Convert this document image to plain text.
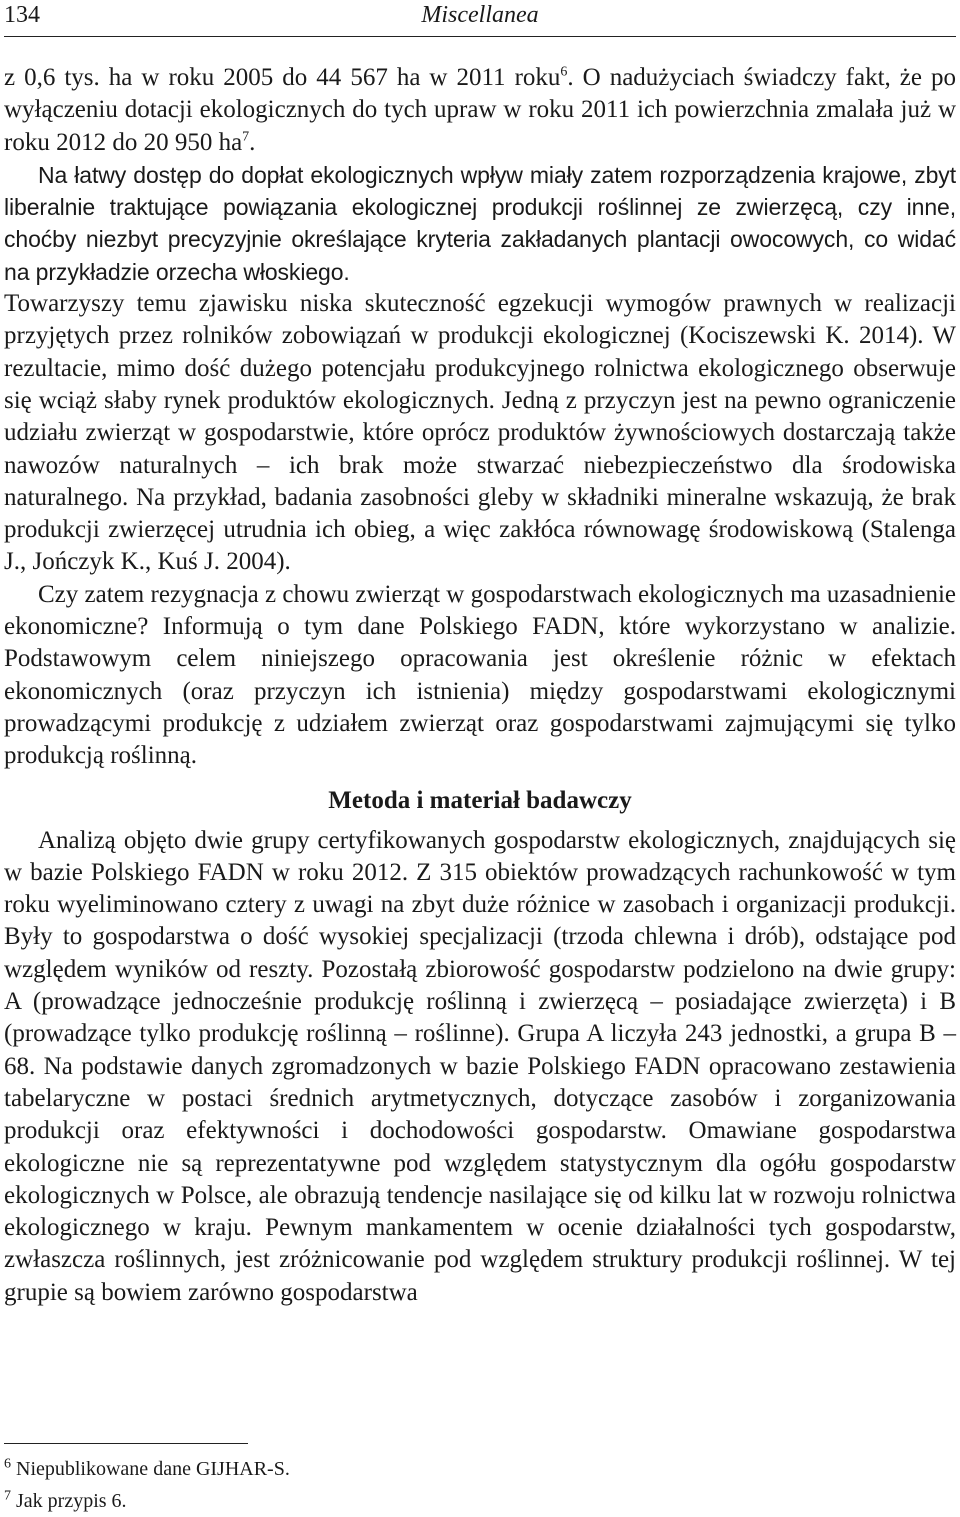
134	Miscellanea

z 0,6 tys. ha w roku 2005 do 44 567 ha w 2011 roku$^6$. O nadużyciach świadczy fakt, że po wyłączeniu dotacji ekologicznych do tych upraw w roku 2011 ich powierzchnia zmalała już w roku 2012 do 20 950 $ha^7$.

Na łatwy dostęp do dopłat ekologicznych wpływ miały zatem rozporządzenia krajowe, zbyt liberalnie traktujące powiązania ekologicznej produkcji roślinnej ze zwierzęcą, czy inne, choćby niezbyt precyzyjnie określające kryteria zakładanych plantacji owocowych, co widać na przykładzie orzecha włoskiego.

Towarzyszy temu zjawisku niska skuteczność egzekucji wymogów prawnych w realizacji przyjętych przez rolników zobowiązań w produkcji ekologicznej (Kociszewski K. 2014). W rezultacie, mimo dość dużego potencjału produkcyjnego rolnictwa ekologicznego obserwuje się wciąż słaby rynek produktów ekologicznych. Jedną z przyczyn jest na pewno ograniczenie udziału zwierząt w gospodarstwie, które oprócz produktów żywnościowych dostarczają także nawozów naturalnych – ich brak może stwarzać niebezpieczeństwo dla środowiska naturalnego. Na przykład, badania zasobności gleby w składniki mineralne wskazują, że brak produkcji zwierzęcej utrudnia ich obieg, a więc zakłóca równowagę środowiskową (Stalenga J., Jończyk K., Kuś J. 2004).

Czy zatem rezygnacja z chowu zwierząt w gospodarstwach ekologicznych ma uzasadnienie ekonomiczne? Informują o tym dane Polskiego FADN, które wykorzystano w analizie. Podstawowym celem niniejszego opracowania jest określenie różnic w efektach ekonomicznych (oraz przyczyn ich istnienia) między gospodarstwami ekologicznymi prowadzącymi produkcję z udziałem zwierząt oraz gospodarstwami zajmującymi się tylko produkcją roślinną.

Metoda i materiał badawczy

Analizą objęto dwie grupy certyfikowanych gospodarstw ekologicznych, znajdujących się w bazie Polskiego FADN w roku 2012. Z 315 obiektów prowadzących rachunkowość w tym roku wyeliminowano cztery z uwagi na zbyt duże różnice w zasobach i organizacji produkcji. Były to gospodarstwa o dość wysokiej specjalizacji (trzoda chlewna i drób), odstające pod względem wyników od reszty. Pozostałą zbiorowość gospodarstw podzielono na dwie grupy: A (prowadzące jednocześnie produkcję roślinną i zwierzęcą – posiadające zwierzęta) i B (prowadzące tylko produkcję roślinną – roślinne). Grupa A liczyła 243 jednostki, a grupa B – 68. Na podstawie danych zgromadzonych w bazie Polskiego FADN opracowano zestawienia tabelaryczne w postaci średnich arytmetycznych, dotyczące zasobów i zorganizowania produkcji oraz efektywności i dochodowości gospodarstw. Omawiane gospodarstwa ekologiczne nie są reprezentatywne pod względem statystycznym dla ogółu gospodarstw ekologicznych w Polsce, ale obrazują tendencje nasilające się od kilku lat w rozwoju rolnictwa ekologicznego w kraju. Pewnym mankamentem w ocenie działalności tych gospodarstw, zwłaszcza roślinnych, jest zróżnicowanie pod względem struktury produkcji roślinnej. W tej grupie są bowiem zarówno gospodarstwa

$^6$ Niepublikowane dane GIJHAR-S.

$^7$ Jak przypis 6.
